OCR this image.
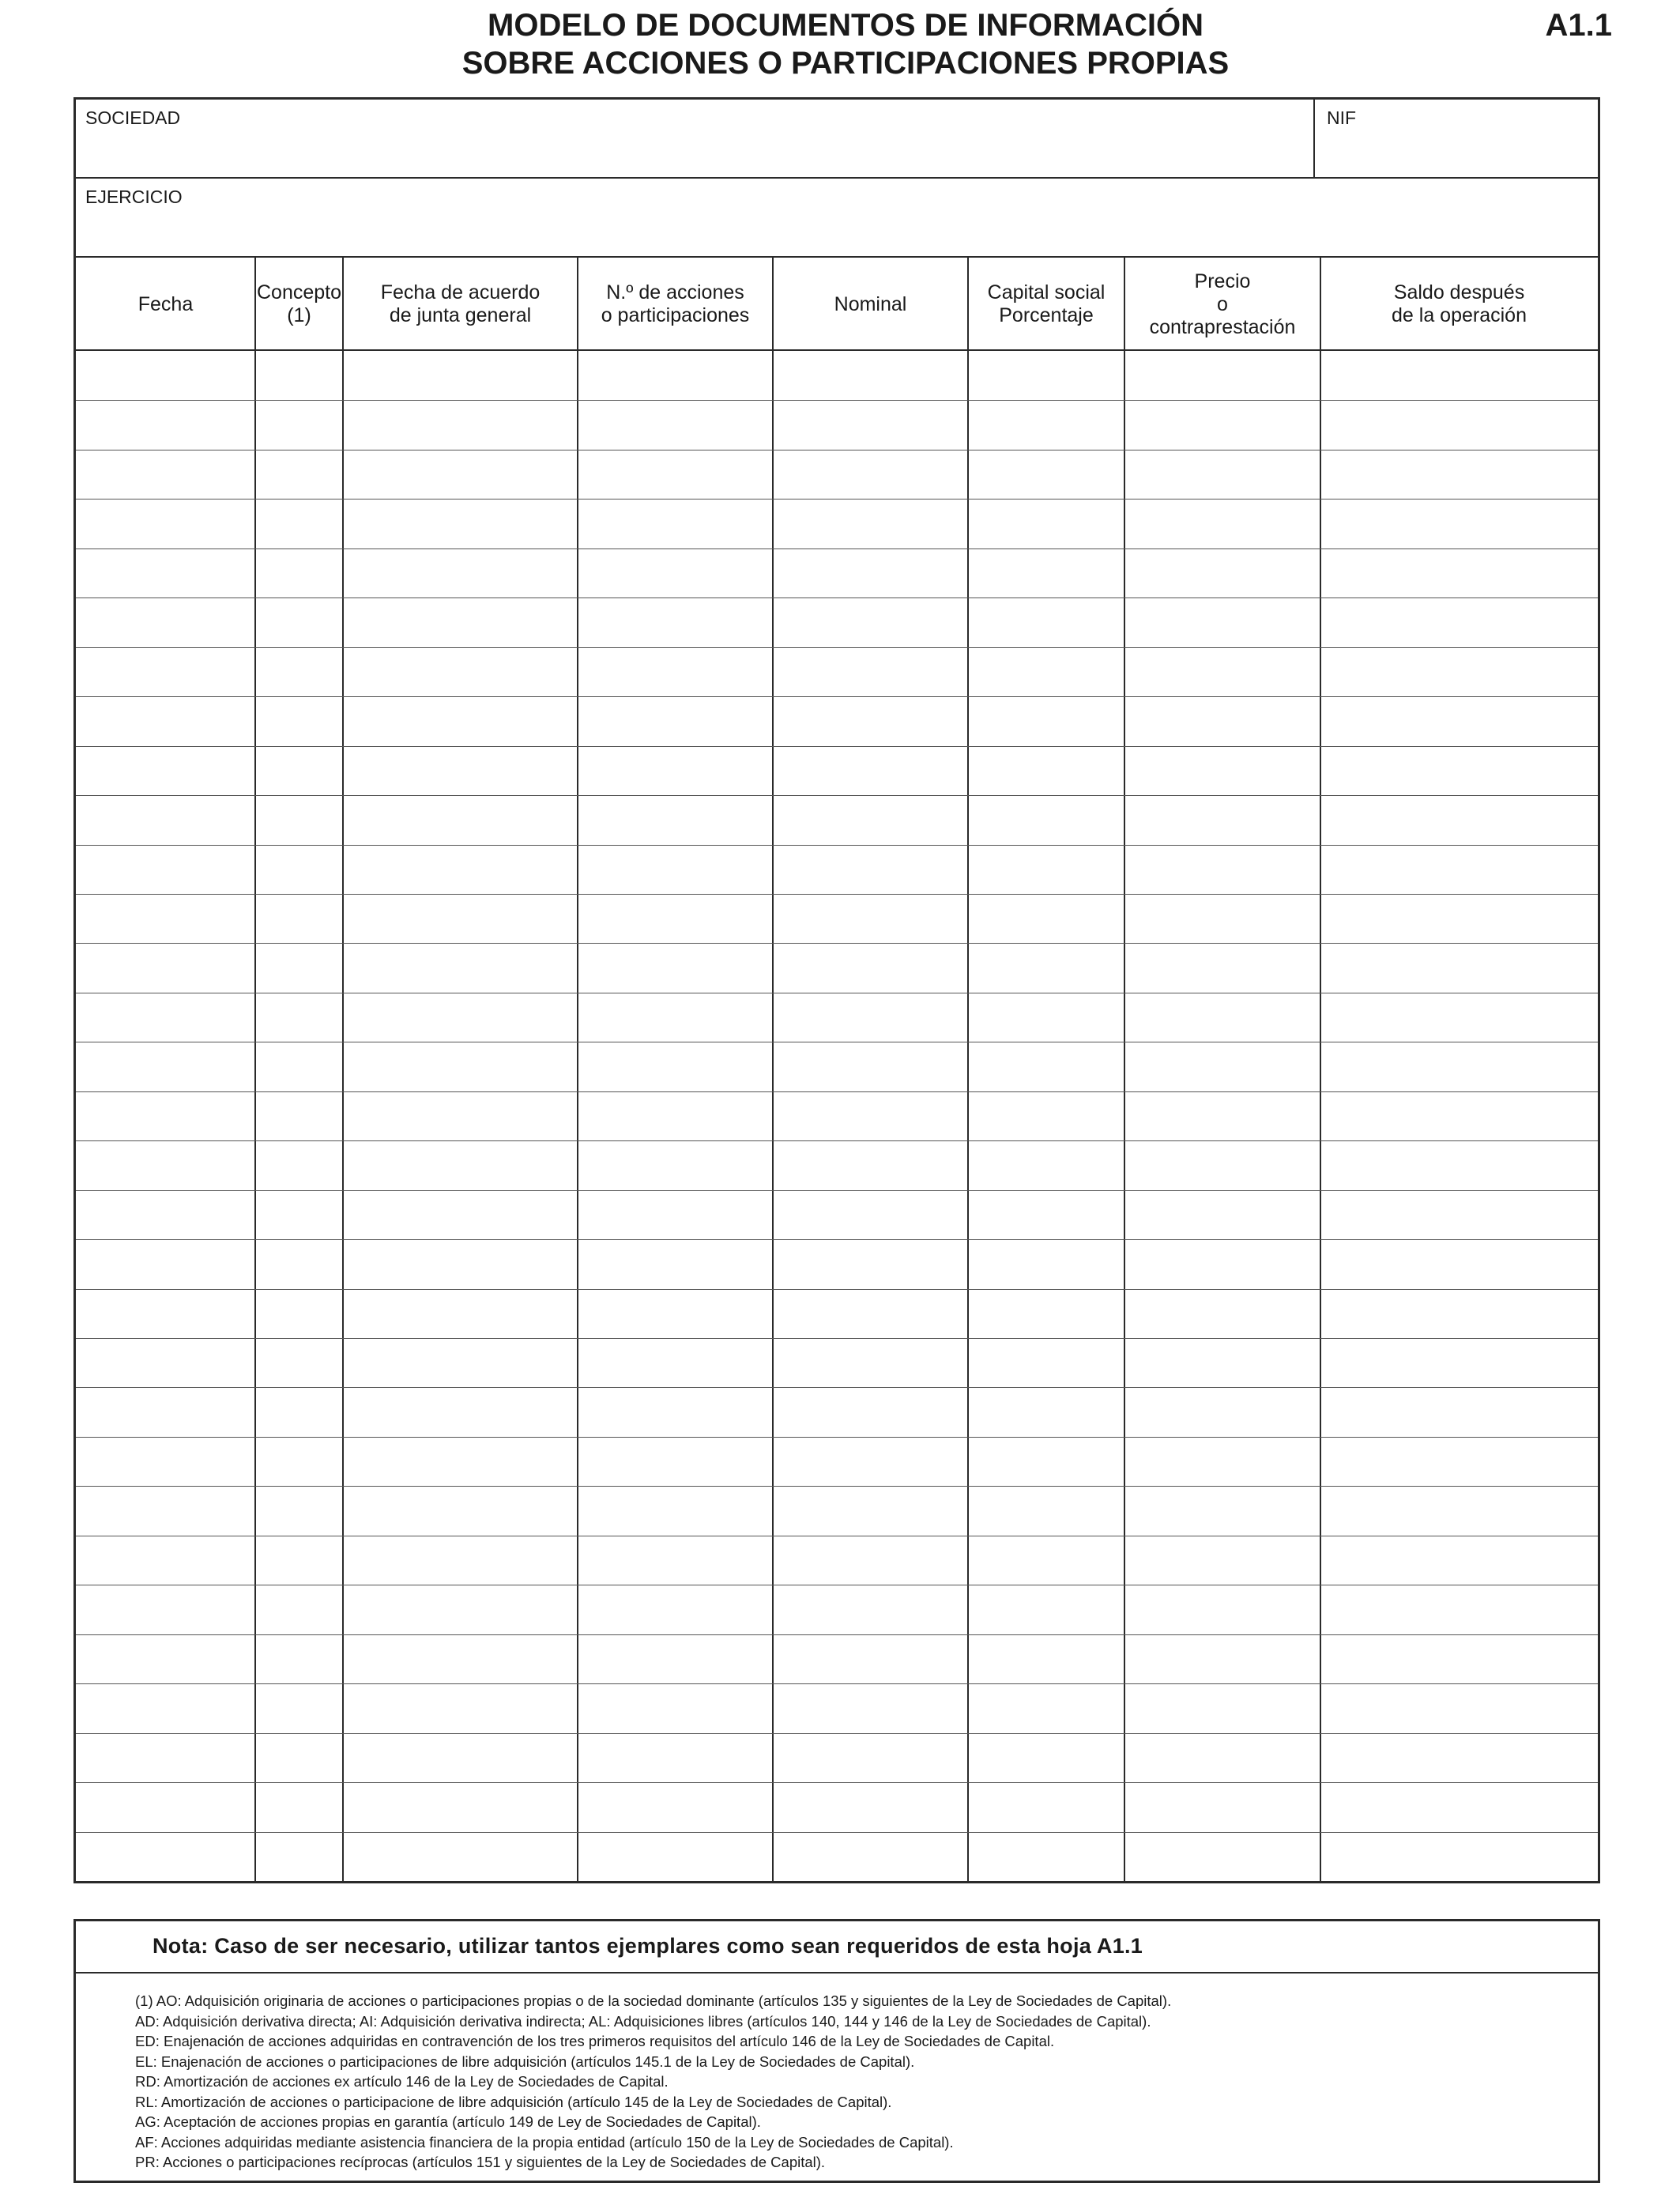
MODELO DE DOCUMENTOS DE INFORMACIÓN
SOBRE ACCIONES O PARTICIPACIONES PROPIAS
A1.1
SOCIEDAD	NIF
EJERCICIO
Fecha
Concepto
(1)
Fecha de acuerdo
de junta general
N.º de acciones
o participaciones
Nominal
Capital social
Porcentaje
Precio
o
contraprestación
Saldo después
de la operación
Nota: Caso de ser necesario, utilizar tantos ejemplares como sean requeridos de esta hoja A1.1
(1) AO: Adquisición originaria de acciones o participaciones propias o de la sociedad dominante (artículos 135 y siguientes de la Ley de Sociedades de Capital).
AD: Adquisición derivativa directa; AI: Adquisición derivativa indirecta; AL: Adquisiciones libres (artículos 140, 144 y 146 de la Ley de Sociedades de Capital).
ED: Enajenación de acciones adquiridas en contravención de los tres primeros requisitos del artículo 146 de la Ley de Sociedades de Capital.
EL: Enajenación de acciones o participaciones de libre adquisición (artículos 145.1 de la Ley de Sociedades de Capital).
RD: Amortización de acciones ex artículo 146 de la Ley de Sociedades de Capital.
RL: Amortización de acciones o participacione de libre adquisición (artículo 145 de la Ley de Sociedades de Capital).
AG: Aceptación de acciones propias en garantía (artículo 149 de Ley de Sociedades de Capital).
AF: Acciones adquiridas mediante asistencia financiera de la propia entidad (artículo 150 de la Ley de Sociedades de Capital).
PR: Acciones o participaciones recíprocas (artículos 151 y siguientes de la Ley de Sociedades de Capital).
